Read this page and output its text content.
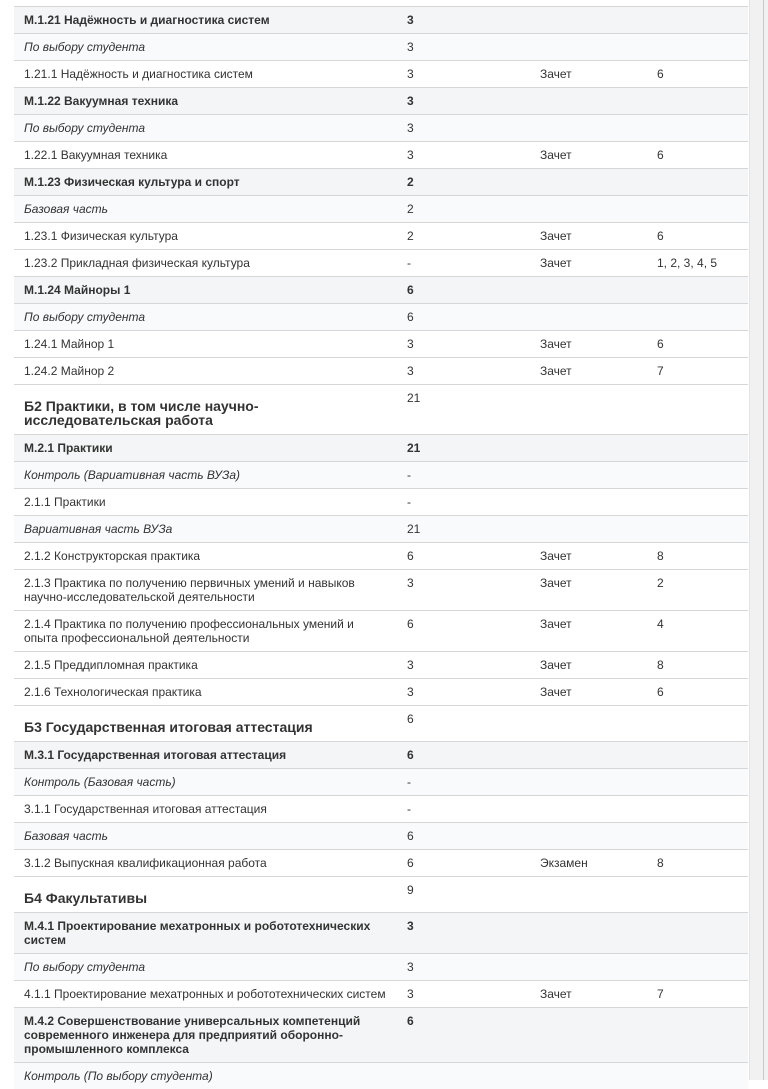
М.1.21 Надёжность и диагностика систем	3		
По выбору студента	3		
1.21.1 Надёжность и диагностика систем	3	Зачет	6
М.1.22 Вакуумная техника	3		
По выбору студента	3		
1.22.1 Вакуумная техника	3	Зачет	6
М.1.23 Физическая культура и спорт	2		
Базовая часть	2		
1.23.1 Физическая культура	2	Зачет	6
1.23.2 Прикладная физическая культура	-	Зачет	1, 2, 3, 4, 5
М.1.24 Майноры 1	6		
По выбору студента	6		
1.24.1 Майнор 1	3	Зачет	6
1.24.2 Майнор 2	3	Зачет	7
Б2 Практики, в том числе научно-исследовательская работа	21		
М.2.1 Практики	21		
Контроль (Вариативная часть ВУЗа)	-		
2.1.1 Практики	-		
Вариативная часть ВУЗа	21		
2.1.2 Конструкторская практика	6	Зачет	8
2.1.3 Практика по получению первичных умений и навыков научно-исследовательской деятельности	3	Зачет	2
2.1.4 Практика по получению профессиональных умений и опыта профессиональной деятельности	6	Зачет	4
2.1.5 Преддипломная практика	3	Зачет	8
2.1.6 Технологическая практика	3	Зачет	6
Б3 Государственная итоговая аттестация	6		
М.3.1 Государственная итоговая аттестация	6		
Контроль (Базовая часть)	-		
3.1.1 Государственная итоговая аттестация	-		
Базовая часть	6		
3.1.2 Выпускная квалификационная работа	6	Экзамен	8
Б4 Факультативы	9		
М.4.1 Проектирование мехатронных и робототехнических систем	3		
По выбору студента	3		
4.1.1 Проектирование мехатронных и робототехнических систем	3	Зачет	7
М.4.2 Совершенствование универсальных компетенций современного инженера для предприятий оборонно-промышленного комплекса	6		
Контроль (По выбору студента)			
